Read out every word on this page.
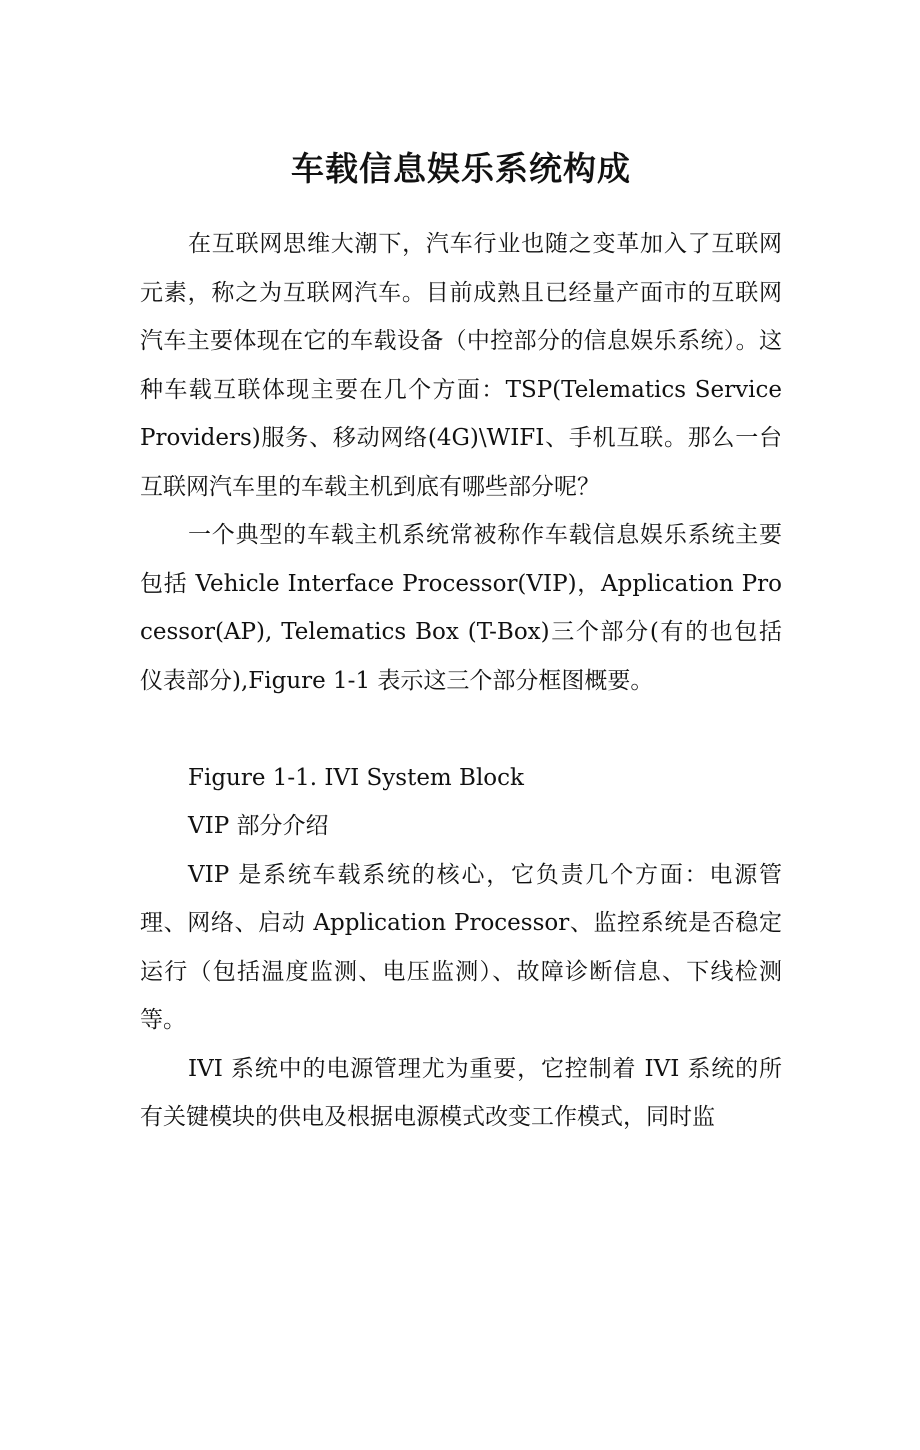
车载信息娱乐系统构成

在互联网思维大潮下，汽车行业也随之变革加入了互联网元素，称之为互联网汽车。目前成熟且已经量产面市的互联网汽车主要体现在它的车载设备（中控部分的信息娱乐系统）。这种车载互联体现主要在几个方面：TSP(Telematics Service Providers)服务、移动网络(4G)\WIFI、手机互联。那么一台互联网汽车里的车载主机到底有哪些部分呢？

一个典型的车载主机系统常被称作车载信息娱乐系统主要包括 Vehicle Interface Processor(VIP)，Application Processor(AP), Telematics Box (T-Box)三个部分(有的也包括仪表部分),Figure 1-1 表示这三个部分框图概要。

Figure 1-1. IVI System Block

VIP 部分介绍

VIP 是系统车载系统的核心，它负责几个方面：电源管理、网络、启动 Application Processor、监控系统是否稳定运行（包括温度监测、电压监测）、故障诊断信息、下线检测等。

IVI 系统中的电源管理尤为重要，它控制着 IVI 系统的所有关键模块的供电及根据电源模式改变工作模式，同时监
